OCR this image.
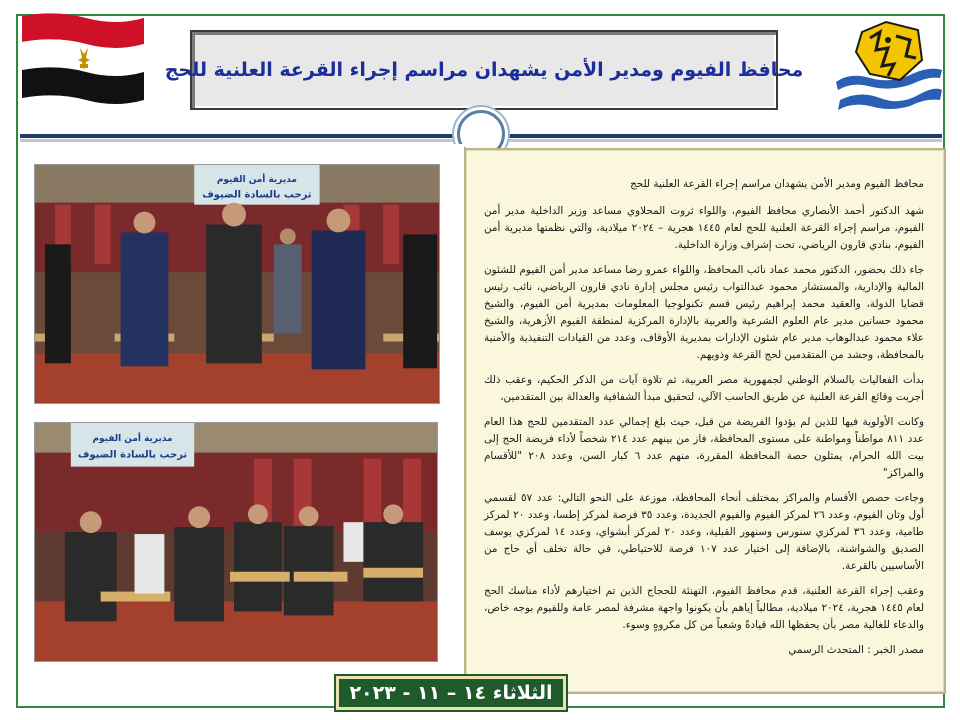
محافظ الفيوم ومدير الأمن يشهدان مراسم إجراء القرعة العلنية للحج
مديرية أمن الفيوم
ترحب بالسادة الضيوف
مديرية أمن الفيوم
ترحب بالسادة الضيوف

محافظ الفيوم ومدير الأمن يشهدان مراسم إجراء القرعة العلنية للحج

شهد الدكتور أحمد الأنصاري محافظ الفيوم، واللواء ثروت المحلاوي مساعد وزير الداخلية مدير أمن الفيوم، مراسم إجراء القرعة العلنية للحج لعام ١٤٤٥ هجرية – ٢٠٢٤ ميلادية، والتي نظمتها مديرية أمن الفيوم، بنادي قارون الرياضي، تحت إشراف وزارة الداخلية.

جاء ذلك بحضور، الدكتور محمد عماد نائب المحافظ، واللواء عمرو رضا مساعد مدير أمن الفيوم للشئون المالية والإدارية، والمستشار محمود عبدالتواب رئيس مجلس إدارة نادي قارون الرياضي، نائب رئيس قضايا الدولة، والعقيد محمد إبراهيم رئيس قسم تكنولوجيا المعلومات بمديرية أمن الفيوم، والشيخ محمود حسانين مدير عام العلوم الشرعية والعربية بالإدارة المركزية لمنطقة الفيوم الأزهرية، والشيخ علاء محمود عبدالوهاب مدير عام شئون الإدارات بمديرية الأوقاف، وعدد من القيادات التنفيذية والأمنية بالمحافظة، وحشد من المتقدمين لحج القرعة وذويهم.

بدأت الفعاليات بالسلام الوطني لجمهورية مصر العربية، ثم تلاوة آيات من الذكر الحكيم، وعقب ذلك أجريت وقائع القرعة العلنية عن طريق الحاسب الآلي، لتحقيق مبدأ الشفافية والعدالة بين المتقدمين،

وكانت الأولوية فيها للذين لم يؤدوا الفريضة من قبل، حيث بلغ إجمالي عدد المتقدمين للحج هذا العام عدد ٨١١ مواطناً ومواطنة على مستوى المحافظة، فاز من بينهم عدد ٢١٤ شخصاً لأداء فريضة الحج إلى بيت الله الحرام، يمثلون حصة المحافظة المقررة، منهم عدد ٦ كبار السن، وعدد ٢٠٨ "للأقسام والمراكز"

وجاءت حصص الأقسام والمراكز بمختلف أنحاء المحافظة، موزعة على النحو التالي: عدد ٥٧ لقسمي أول وثان الفيوم، وعدد ٢٦ لمركز الفيوم والفيوم الجديدة، وعدد ٣٥ فرصة لمركز إطسا، وعدد ٢٠ لمركز طامية، وعدد ٣٦ لمركزي سنورس وسنهور القبلية، وعدد ٢٠ لمركز أبشواي، وعدد ١٤ لمركزي يوسف الصديق والشواشنة، بالإضافة إلى اختيار عدد ١٠٧ فرصة للاحتياطي، في حالة تخلف أي حاج من الأساسيين بالقرعة.

وعقب إجراء القرعة العلنية، قدم محافظ الفيوم، التهنئة للحجاج الذين تم اختيارهم لأداء مناسك الحج لعام ١٤٤٥ هجرية، ٢٠٢٤ ميلادية، مطالباً إياهم بأن يكونوا واجهة مشرفة لمصر عامة وللفيوم بوجه خاص، والدعاء للغالية مصر بأن يحفظها الله قيادةً وشعباً من كل مكروهٍ وسوء.

مصدر الخبر : المتحدث الرسمي

الثلاثاء ١٤ – ١١ - ٢٠٢٣
